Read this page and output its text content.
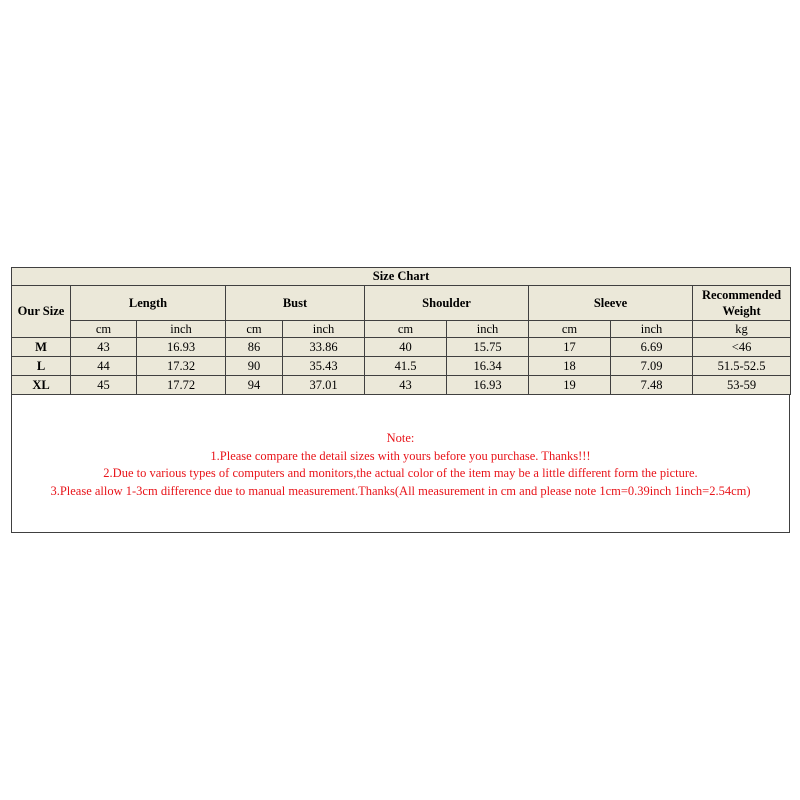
Size Chart									
Our Size	Length		Bust		Shoulder		Sleeve		Recommended Weight
	cm	inch	cm	inch	cm	inch	cm	inch	kg
M	43	16.93	86	33.86	40	15.75	17	6.69	<46
L	44	17.32	90	35.43	41.5	16.34	18	7.09	51.5-52.5
XL	45	17.72	94	37.01	43	16.93	19	7.48	53-59
Note:
1.Please compare the detail sizes with yours before you purchase. Thanks!!!
2.Due to various types of computers and monitors,the actual color of the item may be a little different form the picture.
3.Please allow 1-3cm difference due to manual measurement.Thanks(All measurement in cm and please note 1cm=0.39inch 1inch=2.54cm)
